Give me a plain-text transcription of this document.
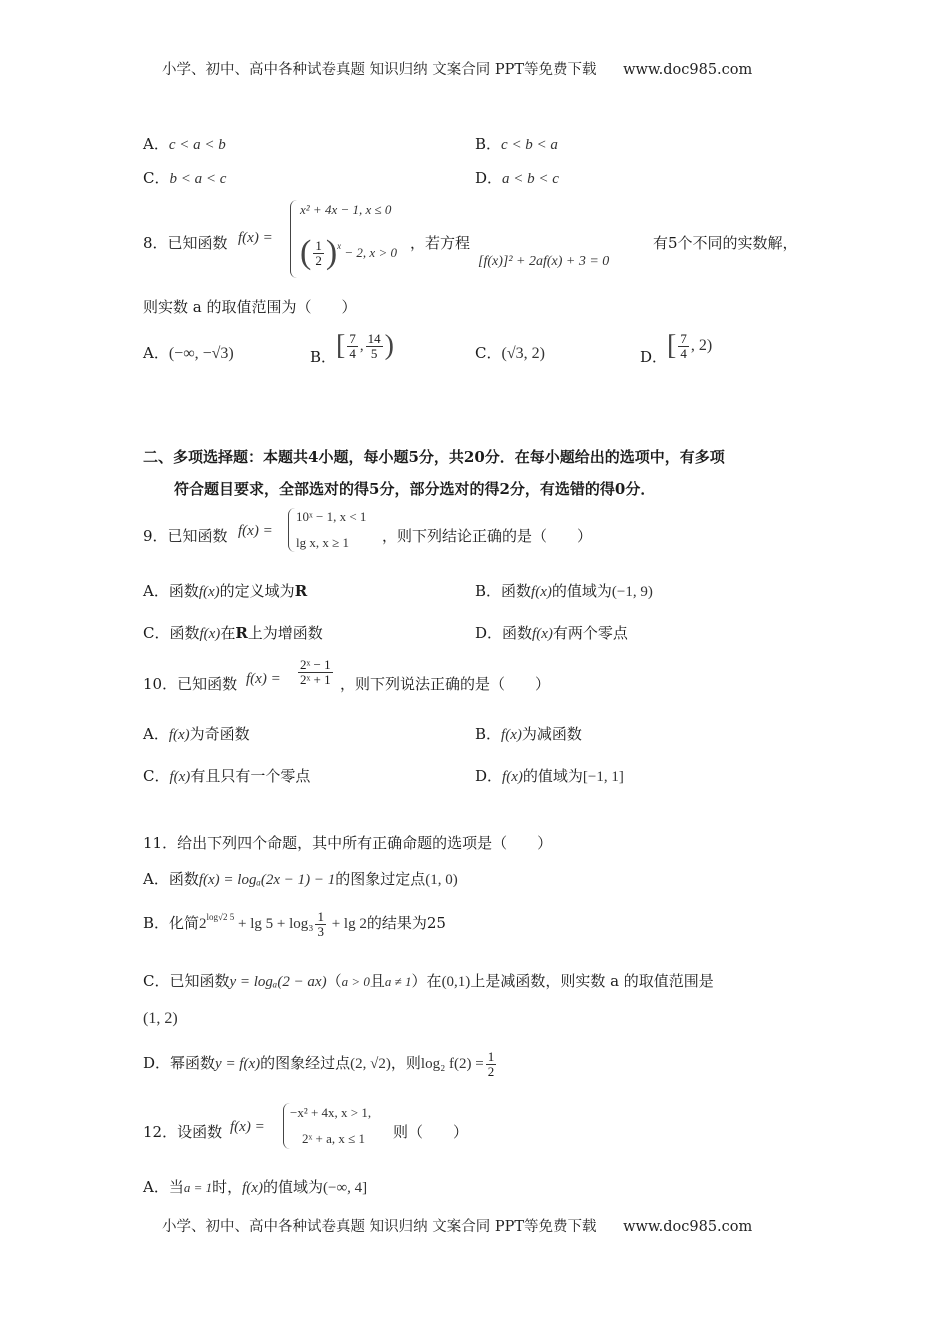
小学、初中、高中各种试卷真题 知识归纳 文案合同 PPT等免费下载 www.doc985.com
A．c < a < b	B．c < b < a
C．b < a < c	D．a < b < c
8．已知函数 f(x) =
x² + 4x − 1, x ≤ 0
( $\frac{1}{2} )^x - 2$, x > 0
，若方程
[f(x)]² + 2af(x) + 3 = 0
有5个不同的实数解，
则实数 a 的取值范围为（　　）
A．(−∞, −√3)	B．[ $\frac{7}{4}$ , $\frac{14}{5}$ )	C．(√3, 2)	D．[ $\frac{7}{4}$ , 2)
二、多项选择题：本题共4小题，每小题5分，共20分．在每小题给出的选项中，有多项
符合题目要求，全部选对的得5分，部分选对的得2分，有选错的得0分．
9．已知函数 f(x) =
10ˣ − 1, x < 1
lg x, x ≥ 1 ，则下列结论正确的是（　　）
A．函数f(x)的定义域为R	B．函数f(x)的值域为(−1, 9)
C．函数f(x)在R上为增函数	D．函数f(x)有两个零点
10．已知函数 $f(x) = \frac{\text{2ˣ − 1}}{\text{2ˣ + 1}}$ ，则下列说法正确的是（　　）
A．f(x)为奇函数	B．f(x)为减函数
C．f(x)有且只有一个零点	D．f(x)的值域为[−1, 1]
11．给出下列四个命题，其中所有正确命题的选项是（　　）
A．函数f(x) = logₐ(2x − 1) − 1的图象过定点(1, 0)
B．化简$2^{log√2 5} + \lg 5 + \log_3 \frac{1}{3} + \lg 2$的结果为25
C．已知函数y = logₐ(2 − ax)（a > 0且a ≠ 1）在(0,1)上是减函数，则实数 a 的取值范围是
(1, 2)
D．幂函数y = f(x)的图象经过点(2, √2)，则log₂ $f(2) = \frac{1}{2}$
12．设函数 f(x) =
−x² + 4x, x > 1,
2ˣ + a, x ≤ 1 则（　　）
A．当a = 1时，f(x)的值域为(−∞, 4]
小学、初中、高中各种试卷真题 知识归纳 文案合同 PPT等免费下载 www.doc985.com
